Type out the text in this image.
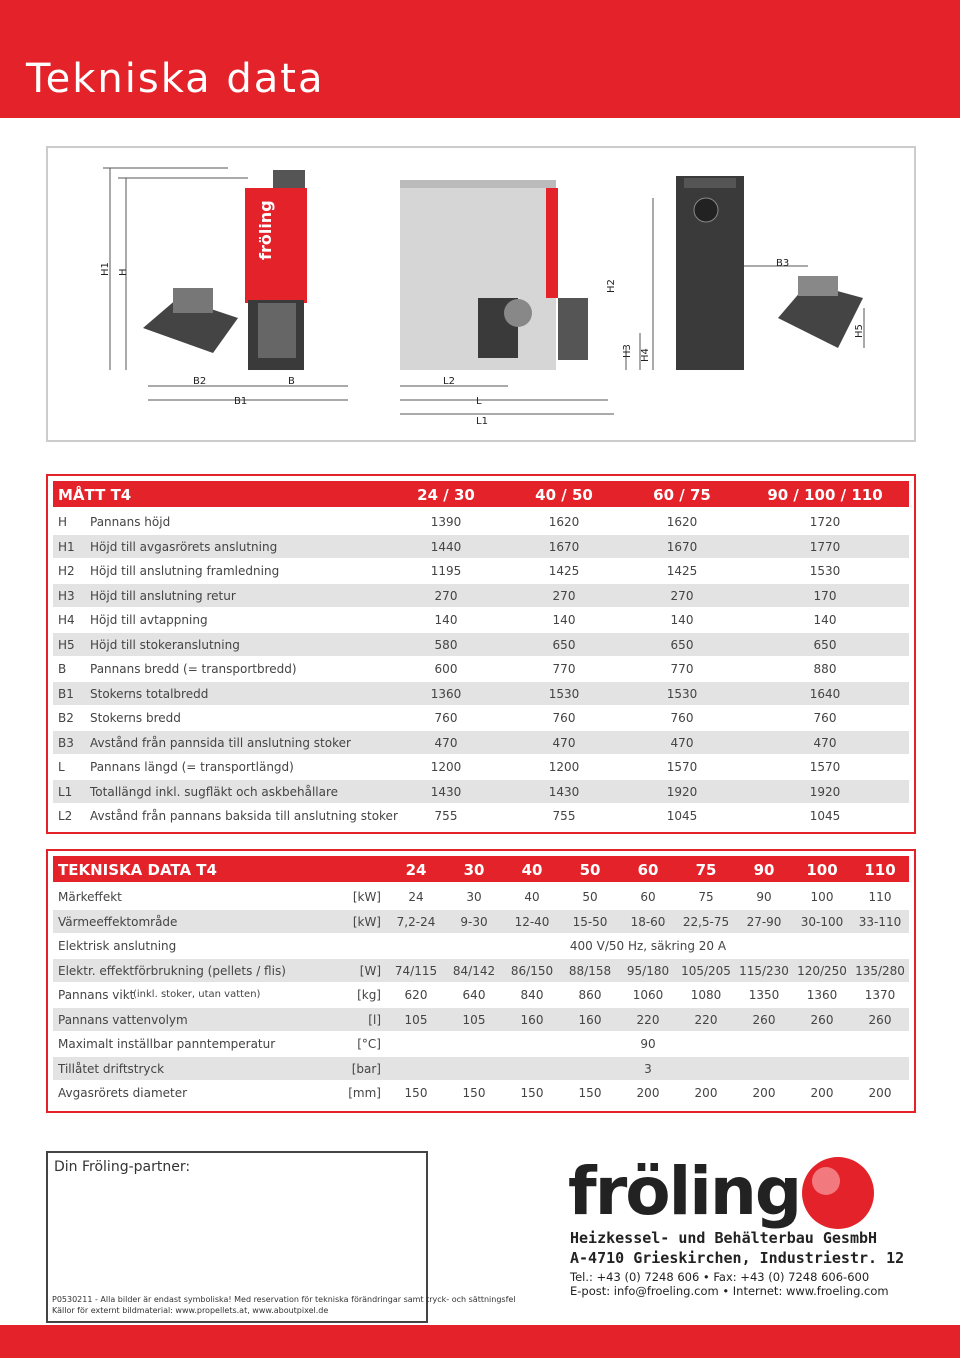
Tekniska data
fröling
H1 H
B2	B
B1
L2
L
L1
H2
H3 H4
B3
H5
MÅTT T4	24 / 30	40 / 50	60 / 75	90 / 100 / 110
H Pannans höjd	1390	1620	1620	1720
H1 Höjd till avgasrörets anslutning	1440	1670	1670	1770
H2 Höjd till anslutning framledning	1195	1425	1425	1530
H3 Höjd till anslutning retur	270	270	270	170
H4 Höjd till avtappning	140	140	140	140
H5 Höjd till stokeranslutning	580	650	650	650
B Pannans bredd (= transportbredd)	600	770	770	880
B1 Stokerns totalbredd	1360	1530	1530	1640
B2 Stokerns bredd	760	760	760	760
B3 Avstånd från pannsida till anslutning stoker	470	470	470	470
L Pannans längd (= transportlängd)	1200	1200	1570	1570
L1 Totallängd inkl. sugfläkt och askbehållare	1430	1430	1920	1920
L2 Avstånd från pannans baksida till anslutning stoker	755	755	1045	1045
TEKNISKA DATA T4	24	30	40	50	60	75	90	100	110
Märkeffekt	[kW]	24	30	40	50	60	75	90	100	110
Värmeeffektområde	[kW]	7,2-24	9-30	12-40	15-50	18-60	22,5-75	27-90	30-100	33-110
Elektrisk anslutning	400 V/50 Hz, säkring 20 A
Elektr. effektförbrukning (pellets / flis)	[W]	74/115	84/142	86/150	88/158	95/180 105/205 115/230 120/250 135/280
Pannans vikt
(inkl. stoker, utan vatten)	[kg]	620	640	840	860	1060	1080	1350	1360	1370
Pannans vattenvolym	[l]	105	105	160	160	220	220	260	260	260
Maximalt inställbar panntemperatur	[°C]	90
Tillåtet driftstryck	[bar]	3
Avgasrörets diameter	[mm]	150	150	150	150	200	200	200	200	200
Din Fröling-partner:
P0530211 - Alla bilder är endast symboliska! Med reservation för tekniska förändringar samt tryck- och sättningsfel Källor för externt bildmaterial: www.propellets.at, www.aboutpixel.de
fröling
Heizkessel- und Behälterbau GesmbH
A-4710 Grieskirchen, Industriestr. 12
Tel.: +43 (0) 7248 606 • Fax: +43 (0) 7248 606-600
E-post: info@froeling.com • Internet: www.froeling.com
